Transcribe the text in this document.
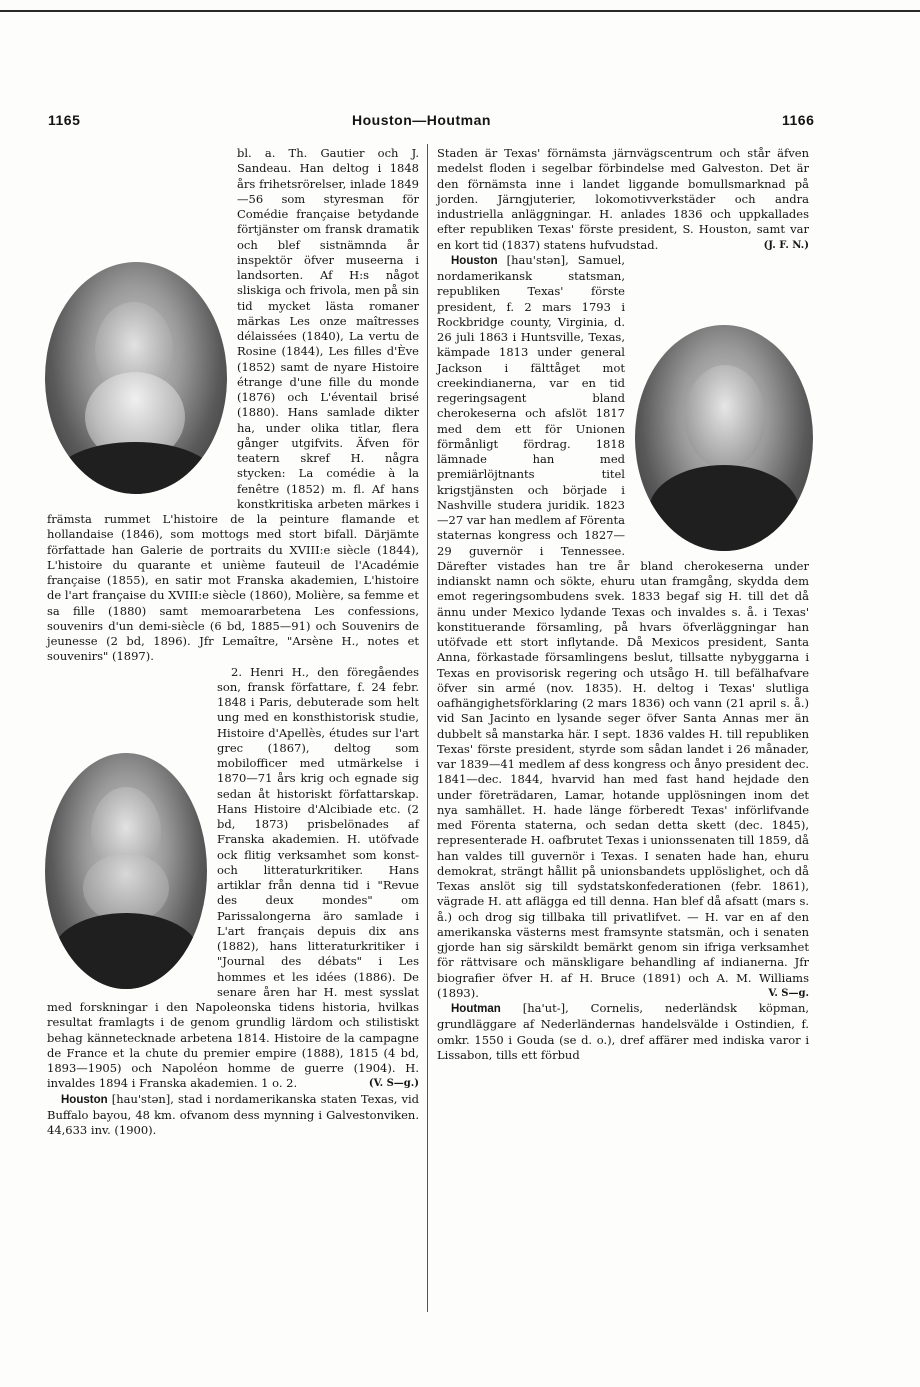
1165	Houston—Houtman	1166

bl. a. Th. Gautier och J. Sandeau. Han deltog i 1848 års frihetsrörelser, inlade 1849—56 som styresman för Comédie française betydande förtjänster om fransk dramatik och blef sistnämnda år inspektör öfver museerna i landsorten. Af H:s något sliskiga och frivola, men på sin tid mycket lästa romaner märkas Les onze maîtresses délaissées (1840), La vertu de Rosine (1844), Les filles d'Ève (1852) samt de nyare Histoire étrange d'une fille du monde (1876) och L'éventail brisé (1880). Hans samlade dikter ha, under olika titlar, flera gånger utgifvits. Äfven för teatern skref H. några stycken: La comédie à la fenêtre (1852) m. fl. Af hans konstkritiska arbeten märkes i främsta rummet L'histoire de la peinture flamande et hollandaise (1846), som mottogs med stort bifall. Därjämte författade han Galerie de portraits du XVIII:e siècle (1844), L'histoire du quarante et unième fauteuil de l'Académie française (1855), en satir mot Franska akademien, L'histoire de l'art française du XVIII:e siècle (1860), Molière, sa femme et sa fille (1880) samt memoararbetena Les confessions, souvenirs d'un demi-siècle (6 bd, 1885—91) och Souvenirs de jeunesse (2 bd, 1896). Jfr Lemaître, "Arsène H., notes et souvenirs" (1897).

2. Henri H., den föregåendes son, fransk författare, f. 24 febr. 1848 i Paris, debuterade som helt ung med en konsthistorisk studie, Histoire d'Apellès, études sur l'art grec (1867), deltog som mobilofficer med utmärkelse i 1870—71 års krig och egnade sig sedan åt historiskt författarskap. Hans Histoire d'Alcibiade etc. (2 bd, 1873) prisbelönades af Franska akademien. H. utöfvade ock flitig verksamhet som konst- och litteraturkritiker. Hans artiklar från denna tid i "Revue des deux mondes" om Parissalongerna äro samlade i L'art français depuis dix ans (1882), hans litteraturkritiker i "Journal des débats" i Les hommes et les idées (1886). De senare åren har H. mest sysslat med forskningar i den Napoleonska tidens historia, hvilkas resultat framlagts i de genom grundlig lärdom och stilistiskt behag kännetecknade arbetena 1814. Histoire de la campagne de France et la chute du premier empire (1888), 1815 (4 bd, 1893—1905) och Napoléon homme de guerre (1904). H. invaldes 1894 i Franska akademien. 1 o. 2.	(V. S—g.)

Houston [hau'stən], stad i nordamerikanska staten Texas, vid Buffalo bayou, 48 km. ofvanom dess mynning i Galvestonviken. 44,633 inv. (1900).

Staden är Texas' förnämsta järnvägscentrum och står äfven medelst floden i segelbar förbindelse med Galveston. Det är den förnämsta inne i landet liggande bomullsmarknad på jorden. Järngjuterier, lokomotivverkstäder och andra industriella anläggningar. H. anlades 1836 och uppkallades efter republiken Texas' förste president, S. Houston, samt var en kort tid (1837) statens hufvudstad.	(J. F. N.)

Houston [hau'stən], Samuel, nordamerikansk statsman, republiken Texas' förste president, f. 2 mars 1793 i Rockbridge county, Virginia, d. 26 juli 1863 i Huntsville, Texas, kämpade 1813 under general Jackson i fälttåget mot creekindianerna, var en tid regeringsagent bland cherokeserna och afslöt 1817 med dem ett för Unionen förmånligt fördrag. 1818 lämnade han med premiärlöjtnants titel krigstjänsten och började i Nashville studera juridik. 1823—27 var han medlem af Förenta staternas kongress och 1827—29 guvernör i Tennessee. Därefter vistades han tre år bland cherokeserna under indianskt namn och sökte, ehuru utan framgång, skydda dem emot regeringsombudens svek. 1833 begaf sig H. till det då ännu under Mexico lydande Texas och invaldes s. å. i Texas' konstituerande församling, på hvars öfverläggningar han utöfvade ett stort inflytande. Då Mexicos president, Santa Anna, förkastade församlingens beslut, tillsatte nybyggarna i Texas en provisorisk regering och utsågo H. till befälhafvare öfver sin armé (nov. 1835). H. deltog i Texas' slutliga oafhängighetsförklaring (2 mars 1836) och vann (21 april s. å.) vid San Jacinto en lysande seger öfver Santa Annas mer än dubbelt så manstarka här. I sept. 1836 valdes H. till republiken Texas' förste president, styrde som sådan landet i 26 månader, var 1839—41 medlem af dess kongress och ånyo president dec. 1841—dec. 1844, hvarvid han med fast hand hejdade den under företrädaren, Lamar, hotande upplösningen inom det nya samhället. H. hade länge förberedt Texas' införlifvande med Förenta staterna, och sedan detta skett (dec. 1845), representerade H. oafbrutet Texas i unionssenaten till 1859, då han valdes till guvernör i Texas. I senaten hade han, ehuru demokrat, strängt hållit på unionsbandets upplöslighet, och då Texas anslöt sig till sydstatskonfederationen (febr. 1861), vägrade H. att aflägga ed till denna. Han blef då afsatt (mars s. å.) och drog sig tillbaka till privatlifvet. — H. var en af den amerikanska västerns mest framsynte statsmän, och i senaten gjorde han sig särskildt bemärkt genom sin ifriga verksamhet för rättvisare och mänskligare behandling af indianerna. Jfr biografier öfver H. af H. Bruce (1891) och A. M. Williams (1893).	V. S—g.

Houtman [ha'ut-], Cornelis, nederländsk köpman, grundläggare af Nederländernas handelsvälde i Ostindien, f. omkr. 1550 i Gouda (se d. o.), dref affärer med indiska varor i Lissabon, tills ett förbud
